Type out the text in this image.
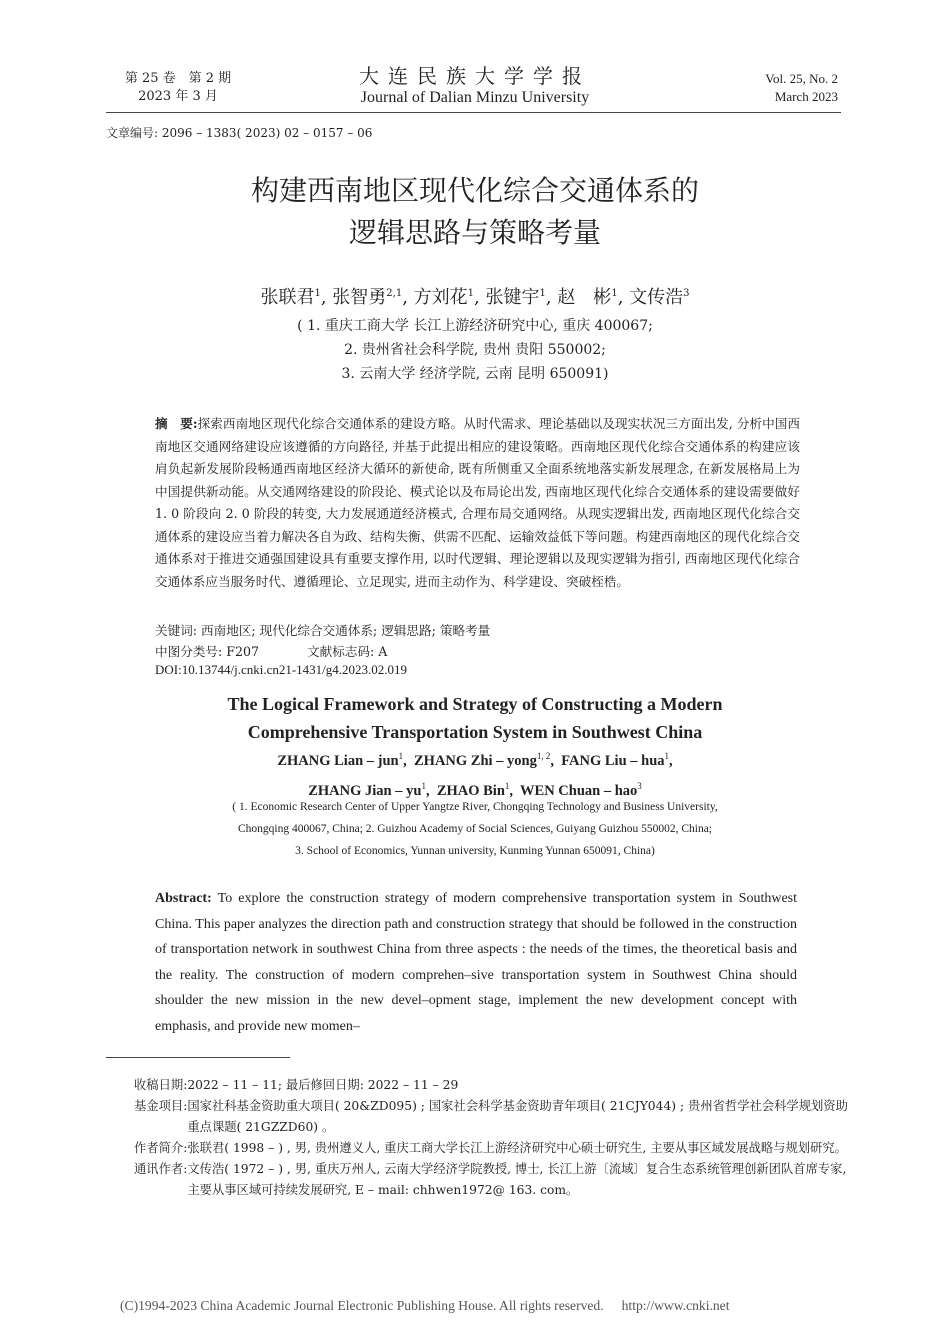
第 25 卷　第 2 期
2023 年 3 月
大连民族大学学报
Journal of Dalian Minzu University
Vol. 25, No. 2
March 2023
文章编号: 2096 – 1383( 2023) 02 – 0157 – 06
构建西南地区现代化综合交通体系的
逻辑思路与策略考量
张联君$^1$, 张智勇$^{2,1}$, 方刘花$^1$, 张键宇$^1$, 赵　彬$^1$, 文传浩$^3$
( 1. 重庆工商大学 长江上游经济研究中心, 重庆 400067;
2. 贵州省社会科学院, 贵州 贵阳 550002;
3. 云南大学 经济学院, 云南 昆明 650091)
摘　要:探索西南地区现代化综合交通体系的建设方略。从时代需求、理论基础以及现实状况三方面出发, 分析中国西南地区交通网络建设应该遵循的方向路径, 并基于此提出相应的建设策略。西南地区现代化综合交通体系的构建应该肩负起新发展阶段畅通西南地区经济大循环的新使命, 既有所侧重又全面系统地落实新发展理念, 在新发展格局上为中国提供新动能。从交通网络建设的阶段论、模式论以及布局论出发, 西南地区现代化综合交通体系的建设需要做好 1. 0 阶段向 2. 0 阶段的转变, 大力发展通道经济模式, 合理布局交通网络。从现实逻辑出发, 西南地区现代化综合交通体系的建设应当着力解决各自为政、结构失衡、供需不匹配、运输效益低下等问题。构建西南地区的现代化综合交通体系对于推进交通强国建设具有重要支撑作用, 以时代逻辑、理论逻辑以及现实逻辑为指引, 西南地区现代化综合交通体系应当服务时代、遵循理论、立足现实, 进而主动作为、科学建设、突破桎梏。
关键词: 西南地区; 现代化综合交通体系; 逻辑思路; 策略考量
中图分类号: F207	文献标志码: A
DOI:10.13744/j.cnki.cn21-1431/g4.2023.02.019
The Logical Framework and Strategy of Constructing a Modern
Comprehensive Transportation System in Southwest China
ZHANG Lian – jun$^1$,  ZHANG Zhi – yong$^{1, 2}$,  FANG Liu – hua$^1$,
ZHANG Jian – $yu^1$,  ZHAO Bin$^1$,  WEN Chuan – hao$^3$
( 1. Economic Research Center of Upper Yangtze River, Chongqing Technology and Business University,
Chongqing 400067, China; 2. Guizhou Academy of Social Sciences, Guiyang Guizhou 550002, China;
3. School of Economics, Yunnan university, Kunming Yunnan 650091, China)
Abstract: To explore the construction strategy of modern comprehensive transportation system in Southwest China. This paper analyzes the direction path and construction strategy that should be followed in the construction of transportation network in southwest China from three aspects : the needs of the times, the theoretical basis and the reality. The construction of modern comprehen–sive transportation system in Southwest China should shoulder the new mission in the new devel–opment stage, implement the new development concept with emphasis, and provide new momen–
收稿日期: 2022 – 11 – 11; 最后修回日期: 2022 – 11 – 29
基金项目: 国家社科基金资助重大项目( 20&ZD095) ; 国家社会科学基金资助青年项目( 21CJY044) ; 贵州省哲学社会科学规划资助重点课题( 21GZZD60) 。
作者简介: 张联君( 1998 – ) , 男, 贵州遵义人, 重庆工商大学长江上游经济研究中心硕士研究生, 主要从事区域发展战略与规划研究。
通讯作者: 文传浩( 1972 – ) , 男, 重庆万州人, 云南大学经济学院教授, 博士, 长江上游〔流域〕复合生态系统管理创新团队首席专家, 主要从事区域可持续发展研究, E – mail: chhwen1972@ 163. com。
(C)1994-2023 China Academic Journal Electronic Publishing House. All rights reserved. http://www.cnki.net
